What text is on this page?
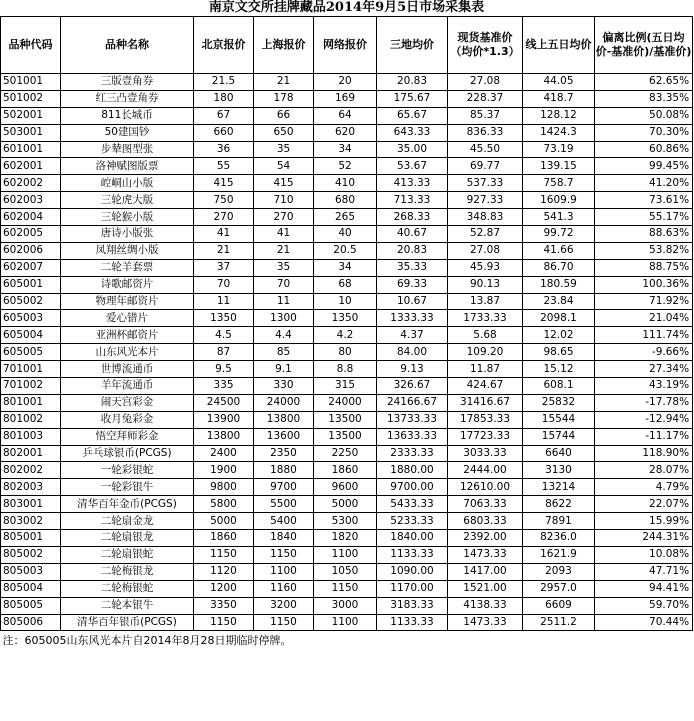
南京文交所挂牌藏品2014年9月5日市场采集表								
品种代码	品种名称	北京报价	上海报价	网络报价	三地均价	现货基准价（均价*1.3）	线上五日均价	偏离比例(五日均价-基准价)/基准价)
501001	三版壹角券	21.5	21	20	20.83	27.08	44.05	62.65%
501002	红三凸壹角券	180	178	169	175.67	228.37	418.7	83.35%
502001	811长城币	67	66	64	65.67	85.37	128.12	50.08%
503001	50建国钞	660	650	620	643.33	836.33	1424.3	70.30%
601001	步辇图型张	36	35	34	35.00	45.50	73.19	60.86%
602001	洛神赋图版票	55	54	52	53.67	69.77	139.15	99.45%
602002	崆峒山小版	415	415	410	413.33	537.33	758.7	41.20%
602003	三轮虎大版	750	710	680	713.33	927.33	1609.9	73.61%
602004	三轮猴小版	270	270	265	268.33	348.83	541.3	55.17%
602005	唐诗小版张	41	41	40	40.67	52.87	99.72	88.63%
602006	凤翔丝绸小版	21	21	20.5	20.83	27.08	41.66	53.82%
602007	二轮羊套票	37	35	34	35.33	45.93	86.70	88.75%
605001	诗歌邮资片	70	70	68	69.33	90.13	180.59	100.36%
605002	物理年邮资片	11	11	10	10.67	13.87	23.84	71.92%
605003	爱心错片	1350	1300	1350	1333.33	1733.33	2098.1	21.04%
605004	亚洲杯邮资片	4.5	4.4	4.2	4.37	5.68	12.02	111.74%
605005	山东风光本片	87	85	80	84.00	109.20	98.65	-9.66%
701001	世博流通币	9.5	9.1	8.8	9.13	11.87	15.12	27.34%
701002	羊年流通币	335	330	315	326.67	424.67	608.1	43.19%
801001	闹天宫彩金	24500	24000	24000	24166.67	31416.67	25832	-17.78%
801002	收月兔彩金	13900	13800	13500	13733.33	17853.33	15544	-12.94%
801003	悟空拜师彩金	13800	13600	13500	13633.33	17723.33	15744	-11.17%
802001	乒乓球银币(PCGS)	2400	2350	2250	2333.33	3033.33	6640	118.90%
802002	一轮彩银蛇	1900	1880	1860	1880.00	2444.00	3130	28.07%
802003	一轮彩银牛	9800	9700	9600	9700.00	12610.00	13214	4.79%
803001	清华百年金币(PCGS)	5800	5500	5000	5433.33	7063.33	8622	22.07%
803002	二轮扇金龙	5000	5400	5300	5233.33	6803.33	7891	15.99%
805001	二轮扇银龙	1860	1840	1820	1840.00	2392.00	8236.0	244.31%
805002	二轮扇银蛇	1150	1150	1100	1133.33	1473.33	1621.9	10.08%
805003	二轮梅银龙	1120	1100	1050	1090.00	1417.00	2093	47.71%
805004	二轮梅银蛇	1200	1160	1150	1170.00	1521.00	2957.0	94.41%
805005	二轮本银牛	3350	3200	3000	3183.33	4138.33	6609	59.70%
805006	清华百年银币(PCGS)	1150	1150	1100	1133.33	1473.33	2511.2	70.44%
注：605005山东风光本片自2014年8月28日期临时停牌。								
